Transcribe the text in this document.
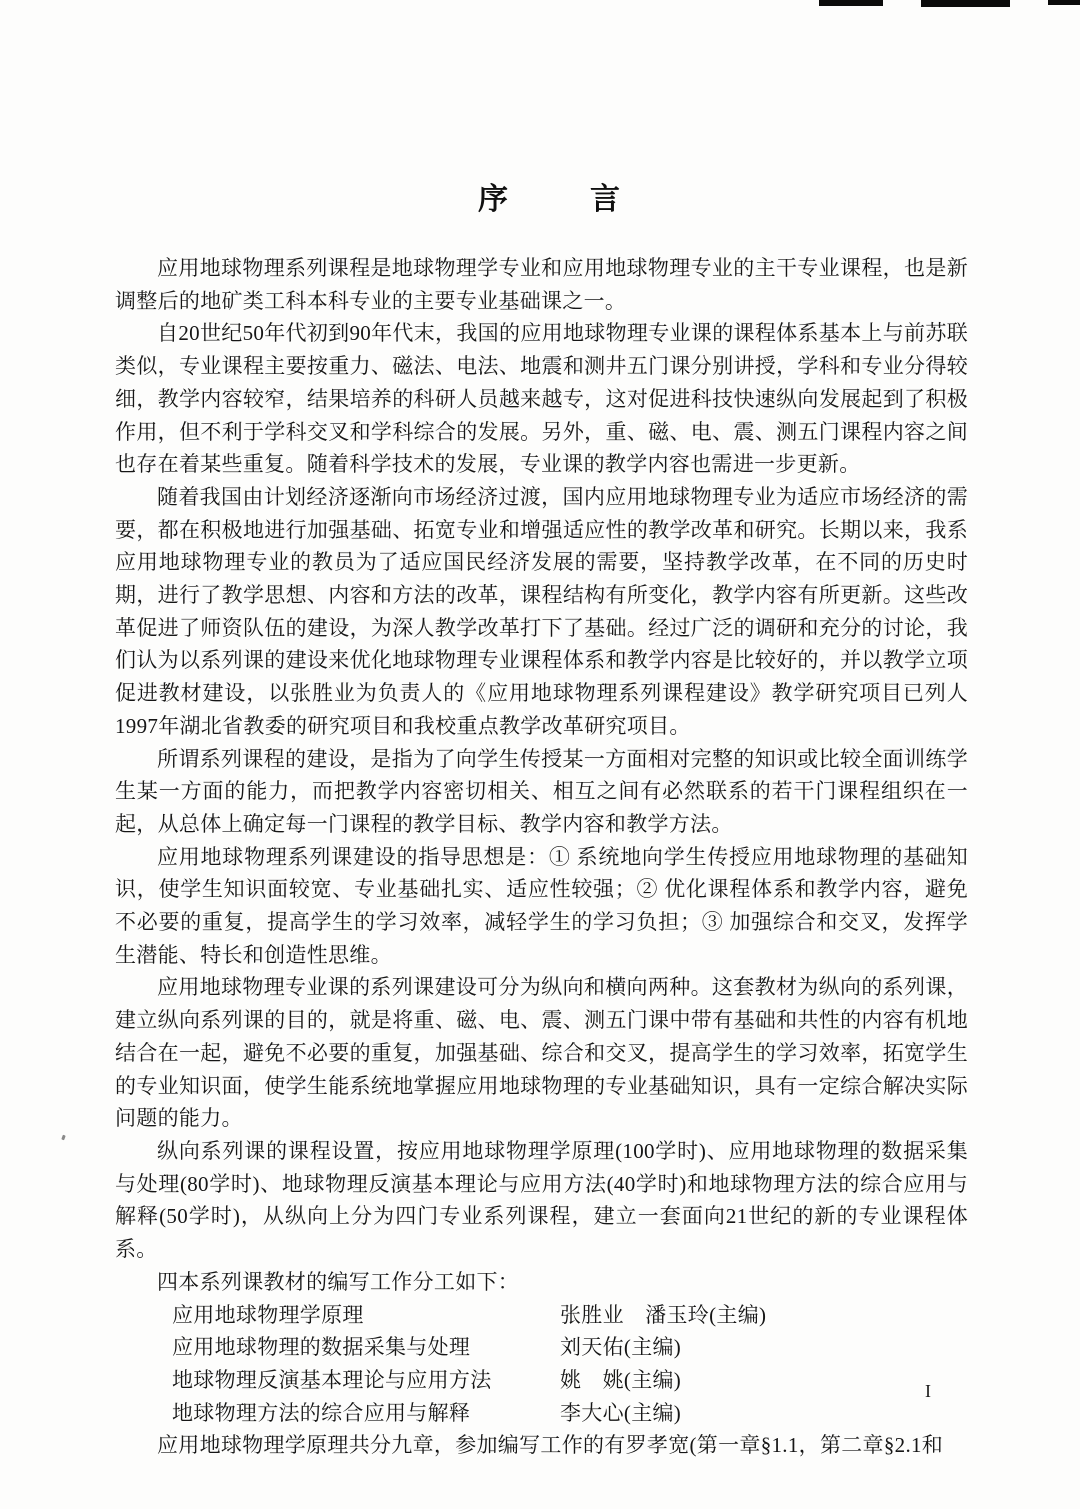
序　言

应用地球物理系列课程是地球物理学专业和应用地球物理专业的主干专业课程，也是新调整后的地矿类工科本科专业的主要专业基础课之一。

自20世纪50年代初到90年代末，我国的应用地球物理专业课的课程体系基本上与前苏联类似，专业课程主要按重力、磁法、电法、地震和测井五门课分别讲授，学科和专业分得较细，教学内容较窄，结果培养的科研人员越来越专，这对促进科技快速纵向发展起到了积极作用，但不利于学科交叉和学科综合的发展。另外，重、磁、电、震、测五门课程内容之间也存在着某些重复。随着科学技术的发展，专业课的教学内容也需进一步更新。

随着我国由计划经济逐渐向市场经济过渡，国内应用地球物理专业为适应市场经济的需要，都在积极地进行加强基础、拓宽专业和增强适应性的教学改革和研究。长期以来，我系应用地球物理专业的教员为了适应国民经济发展的需要，坚持教学改革，在不同的历史时期，进行了教学思想、内容和方法的改革，课程结构有所变化，教学内容有所更新。这些改革促进了师资队伍的建设，为深人教学改革打下了基础。经过广泛的调研和充分的讨论，我们认为以系列课的建设来优化地球物理专业课程体系和教学内容是比较好的，并以教学立项促进教材建设，以张胜业为负责人的《应用地球物理系列课程建设》教学研究项目已列人1997年湖北省教委的研究项目和我校重点教学改革研究项目。

所谓系列课程的建设，是指为了向学生传授某一方面相对完整的知识或比较全面训练学生某一方面的能力，而把教学内容密切相关、相互之间有必然联系的若干门课程组织在一起，从总体上确定每一门课程的教学目标、教学内容和教学方法。

应用地球物理系列课建设的指导思想是：① 系统地向学生传授应用地球物理的基础知识，使学生知识面较宽、专业基础扎实、适应性较强；② 优化课程体系和教学内容，避免不必要的重复，提高学生的学习效率，减轻学生的学习负担；③ 加强综合和交叉，发挥学生潜能、特长和创造性思维。

应用地球物理专业课的系列课建设可分为纵向和横向两种。这套教材为纵向的系列课，建立纵向系列课的目的，就是将重、磁、电、震、测五门课中带有基础和共性的内容有机地结合在一起，避免不必要的重复，加强基础、综合和交叉，提高学生的学习效率，拓宽学生的专业知识面，使学生能系统地掌握应用地球物理的专业基础知识，具有一定综合解决实际问题的能力。

纵向系列课的课程设置，按应用地球物理学原理(100学时)、应用地球物理的数据采集与处理(80学时)、地球物理反演基本理论与应用方法(40学时)和地球物理方法的综合应用与解释(50学时)，从纵向上分为四门专业系列课程，建立一套面向21世纪的新的专业课程体系。

四本系列课教材的编写工作分工如下：

应用地球物理学原理	张胜业　潘玉玲(主编)
应用地球物理的数据采集与处理	刘天佑(主编)
地球物理反演基本理论与应用方法	姚　姚(主编)
地球物理方法的综合应用与解释	李大心(主编)

应用地球物理学原理共分九章，参加编写工作的有罗孝宽(第一章§1.1，第二章§2.1和

I
